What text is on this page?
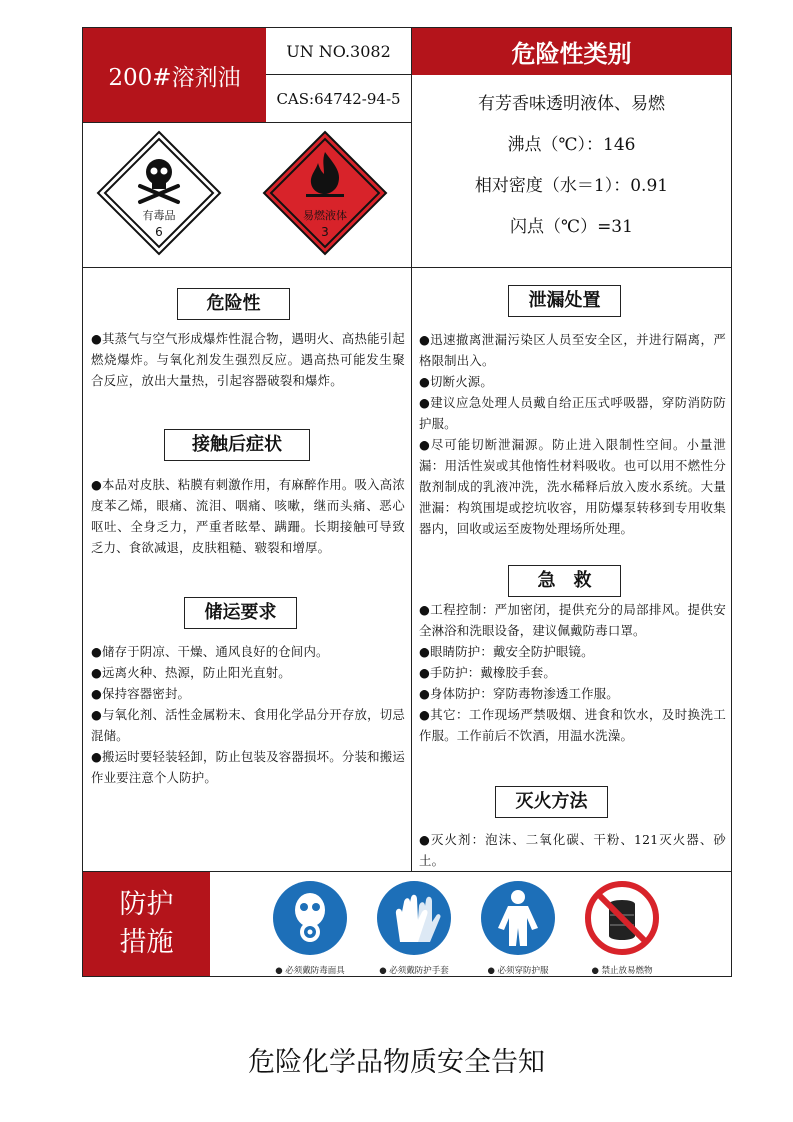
200#溶剂油
UN NO.3082
CAS:64742-94-5
危险性类别
有毒品
6
易燃液体
3
有芳香味透明液体、易燃
沸点（℃）：146
相对密度（水＝1）：0.91
闪点（℃）=31
危险性

●其蒸气与空气形成爆炸性混合物，遇明火、高热能引起燃烧爆炸。与氧化剂发生强烈反应。遇高热可能发生聚合反应，放出大量热，引起容器破裂和爆炸。

接触后症状

●本品对皮肤、粘膜有刺激作用，有麻醉作用。吸入高浓度苯乙烯，眼痛、流泪、咽痛、咳嗽，继而头痛、恶心呕吐、全身乏力，严重者眩晕、蹒跚。长期接触可导致乏力、食欲减退，皮肤粗糙、皲裂和增厚。

储运要求

●储存于阴凉、干燥、通风良好的仓间内。

●远离火种、热源，防止阳光直射。

●保持容器密封。

●与氧化剂、活性金属粉末、食用化学品分开存放，切忌混储。

●搬运时要轻装轻卸，防止包装及容器损坏。分装和搬运作业要注意个人防护。

泄漏处置

●迅速撤离泄漏污染区人员至安全区，并进行隔离，严格限制出入。

●切断火源。

●建议应急处理人员戴自给正压式呼吸器，穿防消防防护服。

●尽可能切断泄漏源。防止进入限制性空间。小量泄漏：用活性炭或其他惰性材料吸收。也可以用不燃性分散剂制成的乳液冲洗，洗水稀释后放入废水系统。大量泄漏：构筑围堤或挖坑收容，用防爆泵转移到专用收集器内，回收或运至废物处理场所处理。

急　救

●工程控制：严加密闭，提供充分的局部排风。提供安全淋浴和洗眼设备，建议佩戴防毒口罩。

●眼睛防护：戴安全防护眼镜。

●手防护：戴橡胶手套。

●身体防护：穿防毒物渗透工作服。

●其它：工作现场严禁吸烟、进食和饮水，及时换洗工作服。工作前后不饮酒，用温水洗澡。

灭火方法

●灭火剂：泡沫、二氧化碳、干粉、121灭火器、砂土。

防护
措施
● 必须戴防毒面具	● 必须戴防护手套	● 必须穿防护服	● 禁止放易燃物
危险化学品物质安全告知
